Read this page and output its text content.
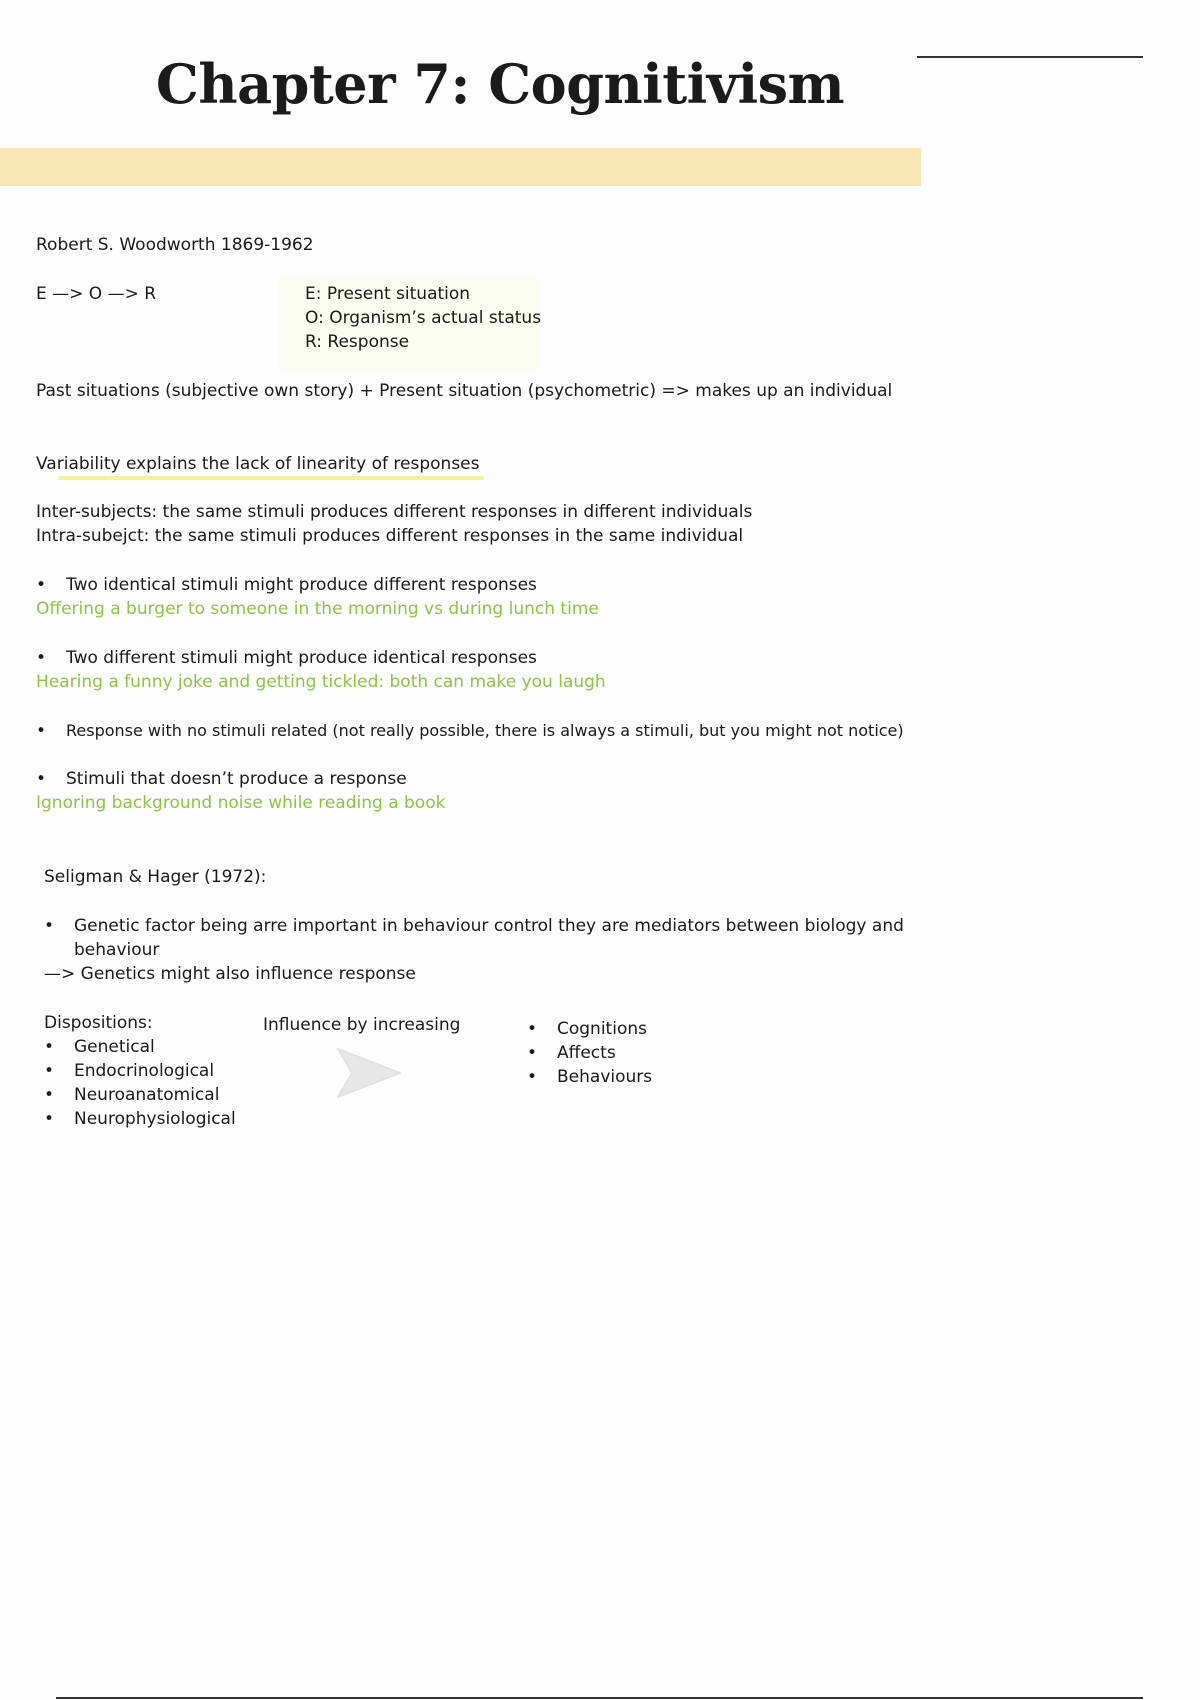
Chapter 7: Cognitivism
Robert S. Woodworth 1869-1962
E —> O —> R	E: Present situation
O: Organism’s actual status
R: Response
Past situations (subjective own story) + Present situation (psychometric) => makes up an individual
Variability explains the lack of linearity of responses
Inter-subjects: the same stimuli produces different responses in different individuals
Intra-subejct: the same stimuli produces different responses in the same individual
• Two identical stimuli might produce different responses
Offering a burger to someone in the morning vs during lunch time
• Two different stimuli might produce identical responses
Hearing a funny joke and getting tickled: both can make you laugh
• Response with no stimuli related (not really possible, there is always a stimuli, but you might not notice)
• Stimuli that doesn’t produce a response
Ignoring background noise while reading a book
Seligman & Hager (1972):
• Genetic factor being arre important in behaviour control they are mediators between biology and
behaviour
—> Genetics might also influence response
Dispositions:
• Genetical
• Endocrinological
• Neuroanatomical
• Neurophysiological
Influence by increasing	• Cognitions
• Affects
• Behaviours
